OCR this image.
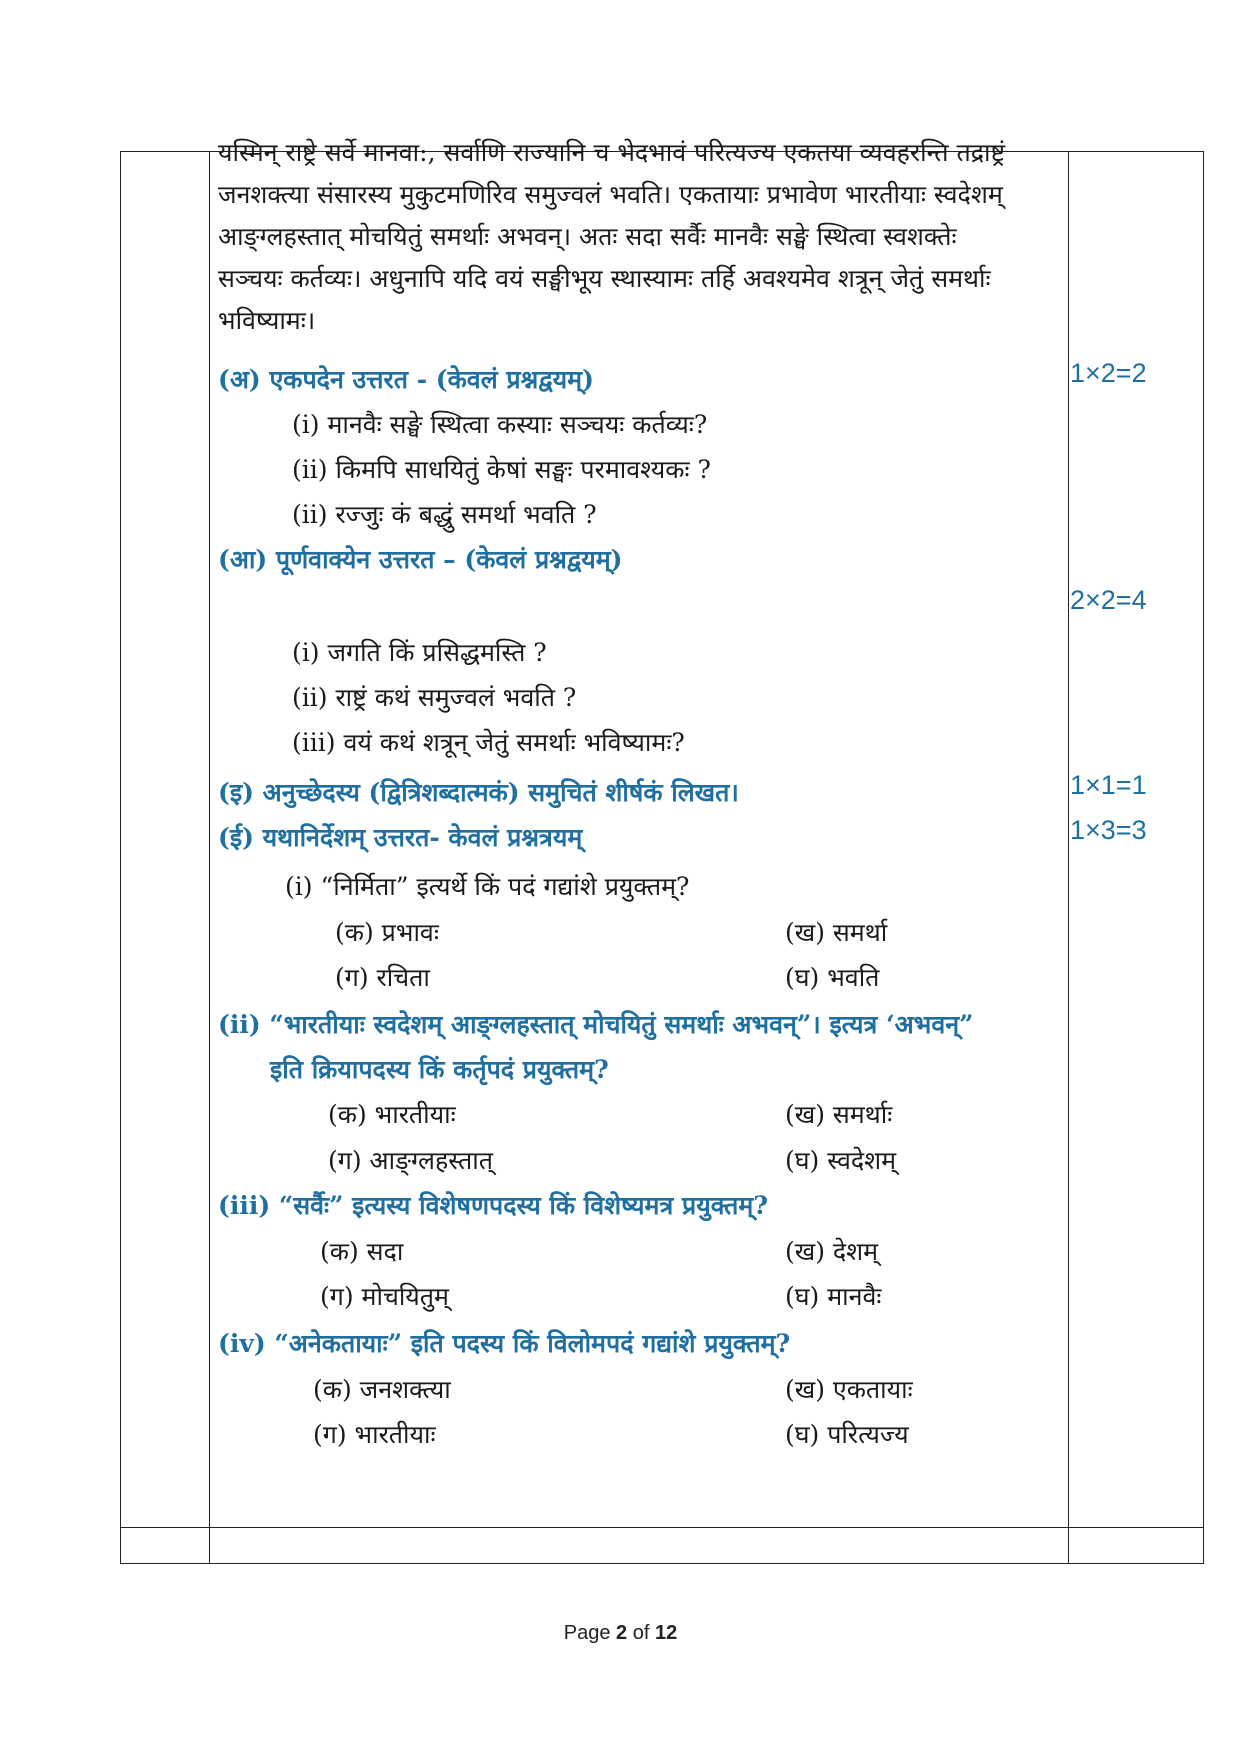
यस्मिन् राष्ट्रे सर्वे मानवा:, सर्वाणि राज्यानि च भेदभावं परित्यज्य एकतया व्यवहरन्ति तद्राष्ट्रं
जनशक्त्या संसारस्य मुकुटमणिरिव समुज्वलं भवति। एकतायाः प्रभावेण भारतीयाः स्वदेशम्
आङ्ग्लहस्तात् मोचयितुं समर्थाः अभवन्। अतः सदा सर्वैः मानवैः सङ्घे स्थित्वा स्वशक्तेः
सञ्चयः कर्तव्यः। अधुनापि यदि वयं सङ्घीभूय स्थास्यामः तर्हि अवश्यमेव शत्रून् जेतुं समर्थाः
भविष्यामः।
(अ) एकपदेन उत्तरत - (केवलं प्रश्नद्वयम्)	1×2=2
(i) मानवैः सङ्घे स्थित्वा कस्याः सञ्चयः कर्तव्यः?
(ii) किमपि साधयितुं केषां सङ्घः परमावश्यकः ?
(ii) रज्जुः कं बद्धुं समर्था भवति ?
(आ) पूर्णवाक्येन उत्तरत – (केवलं प्रश्नद्वयम्)
2×2=4
(i) जगति किं प्रसिद्धमस्ति ?
(ii) राष्ट्रं कथं समुज्वलं भवति ?
(iii) वयं कथं शत्रून् जेतुं समर्थाः भविष्यामः?
(इ) अनुच्छेदस्य (द्वित्रिशब्दात्मकं) समुचितं शीर्षकं लिखत।	1×1=1
(ई) यथानिर्देशम् उत्तरत- केवलं प्रश्नत्रयम्	1×3=3
(i) “निर्मिता” इत्यर्थे किं पदं गद्यांशे प्रयुक्तम्?
(क) प्रभावः	(ख) समर्था
(ग) रचिता	(घ) भवति
(ii) “भारतीयाः स्वदेशम् आङ्ग्लहस्तात् मोचयितुं समर्थाः अभवन्”। इत्यत्र ‘अभवन्”
इति क्रियापदस्य किं कर्तृपदं प्रयुक्तम्?
(क) भारतीयाः	(ख) समर्थाः
(ग) आङ्ग्लहस्तात्	(घ) स्वदेशम्
(iii) “सर्वैः” इत्यस्य विशेषणपदस्य किं विशेष्यमत्र प्रयुक्तम्?
(क) सदा	(ख) देशम्
(ग) मोचयितुम्	(घ) मानवैः
(iv) “अनेकतायाः” इति पदस्य किं विलोमपदं गद्यांशे प्रयुक्तम्?
(क) जनशक्त्या	(ख) एकतायाः
(ग) भारतीयाः	(घ) परित्यज्य
Page 2 of 12
